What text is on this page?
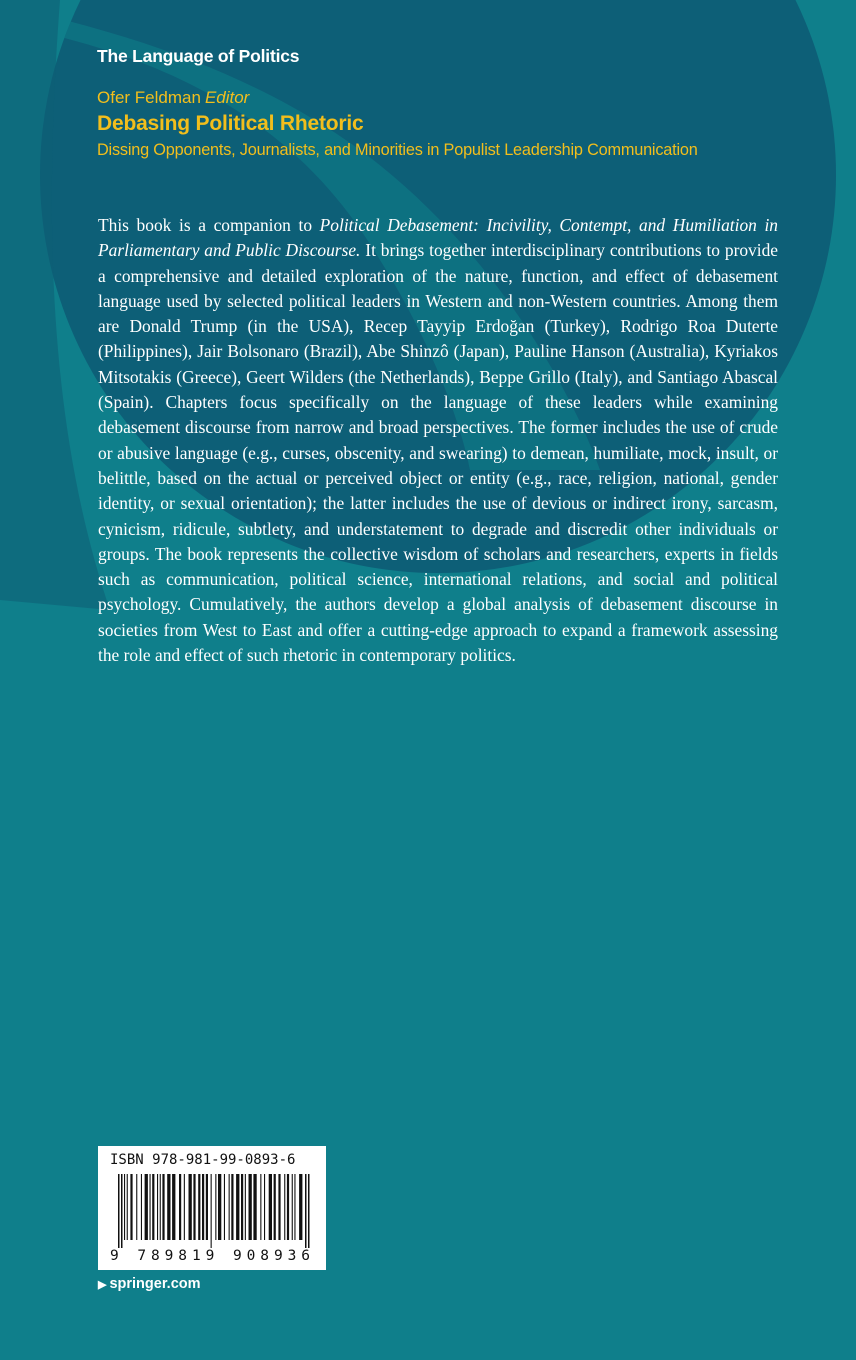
The Language of Politics
Ofer Feldman Editor
Debasing Political Rhetoric
Dissing Opponents, Journalists, and Minorities in Populist Leadership Communication

This book is a companion to Political Debasement: Incivility, Contempt, and Humiliation in Parliamentary and Public Discourse. It brings together interdisciplinary contributions to provide a comprehensive and detailed exploration of the nature, function, and effect of debasement language used by selected political leaders in Western and non-Western countries. Among them are Donald Trump (in the USA), Recep Tayyip Erdoğan (Turkey), Rodrigo Roa Duterte (Philippines), Jair Bolsonaro (Brazil), Abe Shinzô (Japan), Pauline Hanson (Australia), Kyriakos Mitsotakis (Greece), Geert Wilders (the Netherlands), Beppe Grillo (Italy), and Santiago Abascal (Spain). Chapters focus specifically on the language of these leaders while examining debasement discourse from narrow and broad perspectives. The former includes the use of crude or abusive language (e.g., curses, obscenity, and swearing) to demean, humiliate, mock, insult, or belittle, based on the actual or perceived object or entity (e.g., race, religion, national, gender identity, or sexual orientation); the latter includes the use of devious or indirect irony, sarcasm, cynicism, ridicule, subtlety, and understatement to degrade and discredit other individuals or groups. The book represents the collective wisdom of scholars and researchers, experts in fields such as communication, political science, international relations, and social and political psychology. Cumulatively, the authors develop a global analysis of debasement discourse in societies from West to East and offer a cutting-edge approach to expand a framework assessing the role and effect of such rhetoric in contemporary politics.

ISBN 978-981-99-0893-6
9 789819 908936
▶ springer.com
